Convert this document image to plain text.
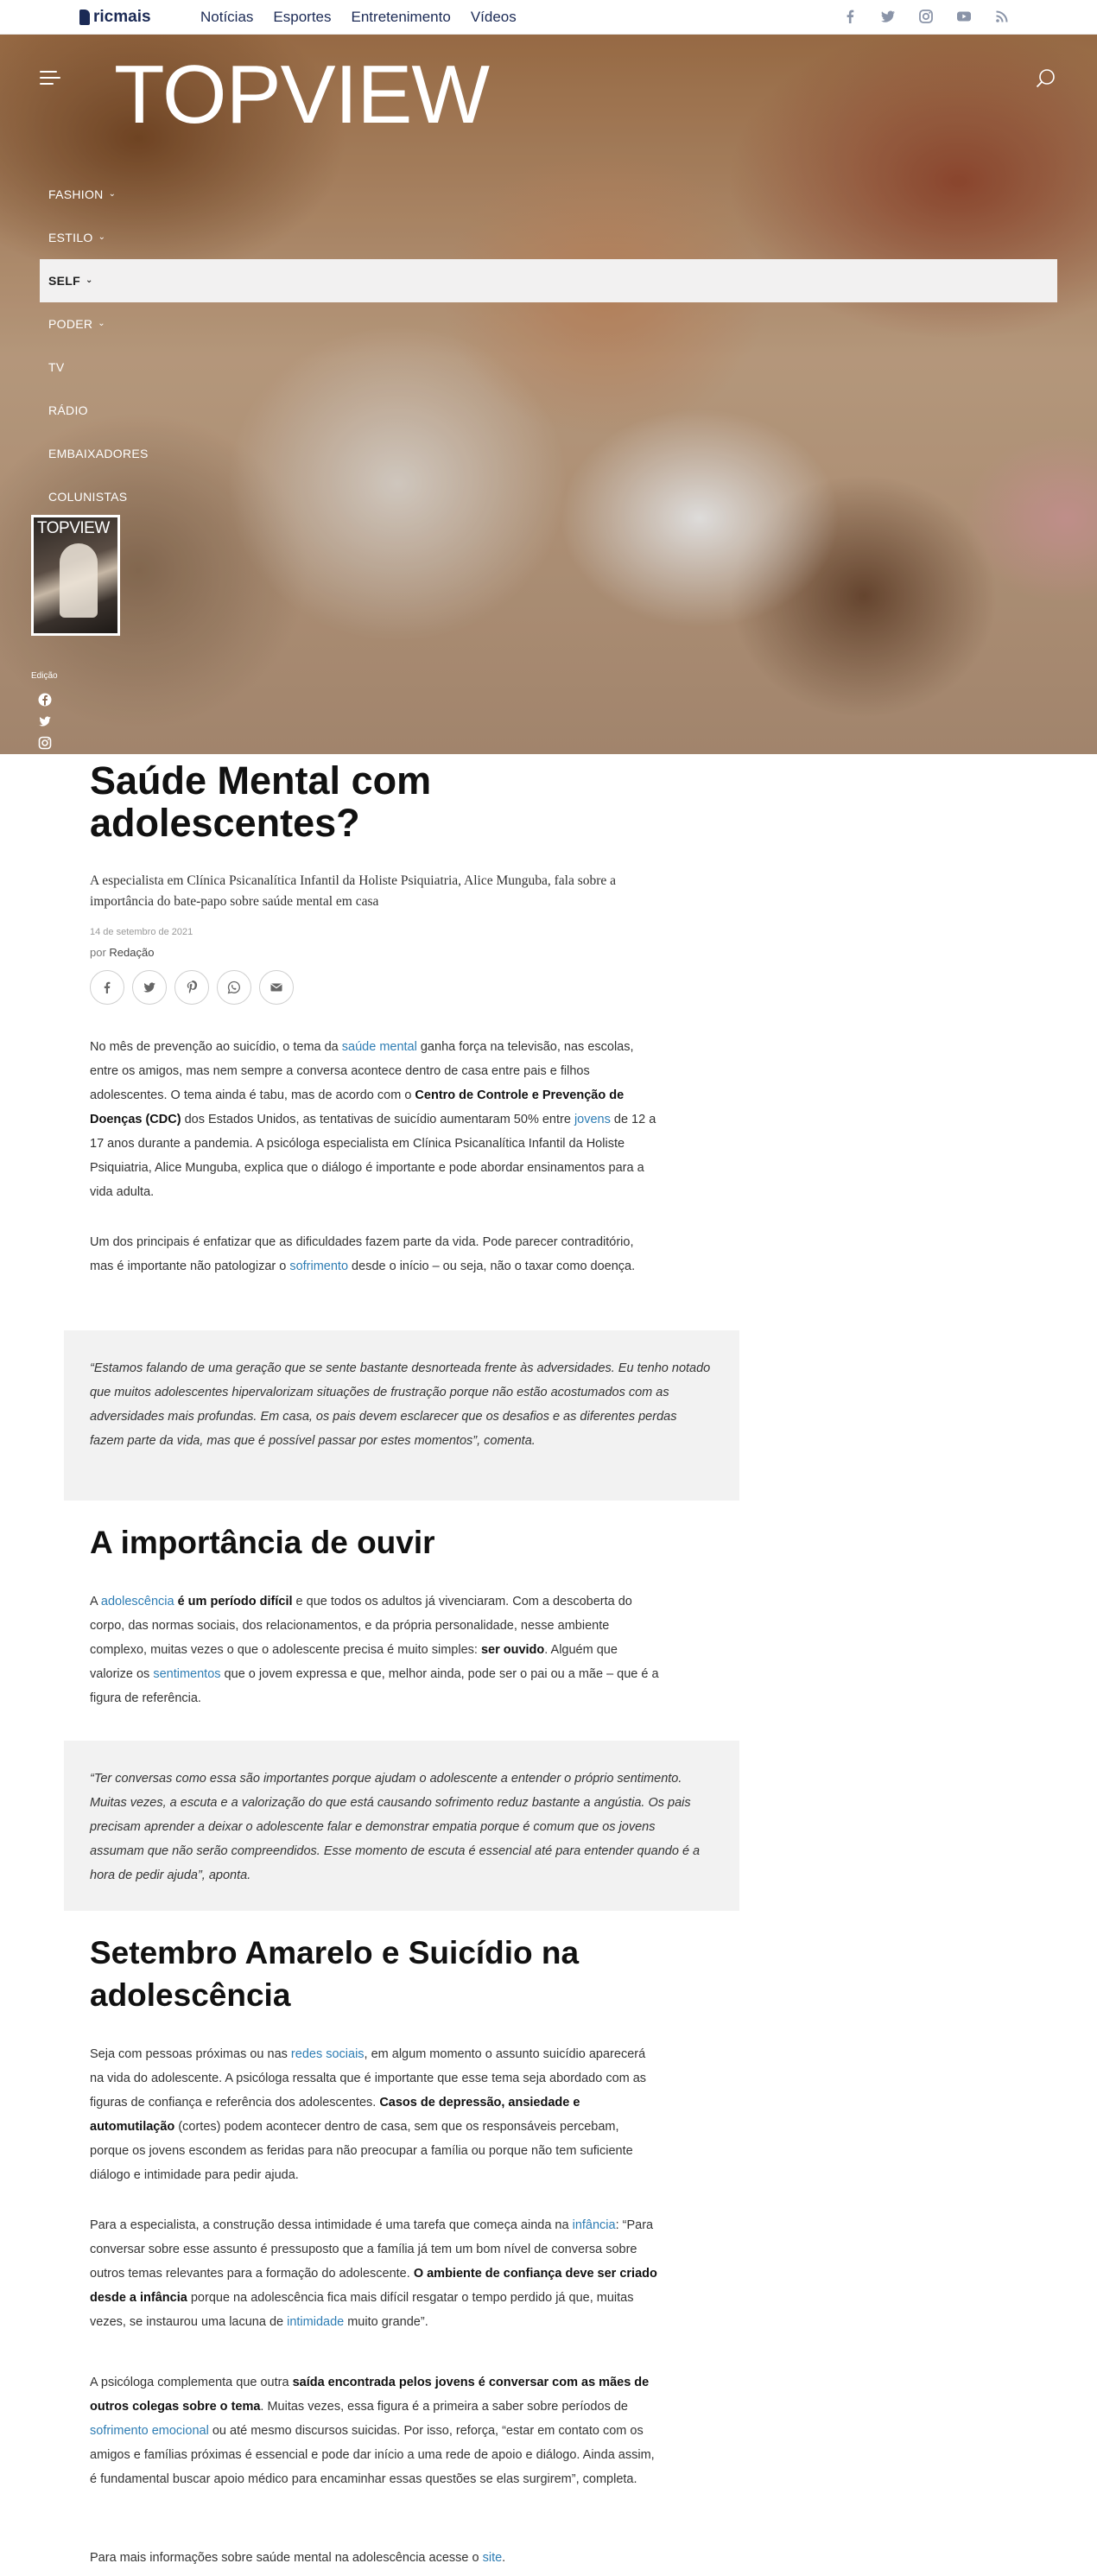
ricmais	Notícias Esportes Entretenimento Vídeos
TOPVIEW
FASHION ⌄
ESTILO ⌄
SELF ⌄
PODER ⌄
TV
RÁDIO
EMBAIXADORES
COLUNISTAS
TOPVIEW
Edição
Saúde Mental com adolescentes?

A especialista em Clínica Psicanalítica Infantil da Holiste Psiquiatria, Alice Munguba, fala sobre a importância do bate-papo sobre saúde mental em casa

14 de setembro de 2021
por Redação

No mês de prevenção ao suicídio, o tema da saúde mental ganha força na televisão, nas escolas, entre os amigos, mas nem sempre a conversa acontece dentro de casa entre pais e filhos adolescentes. O tema ainda é tabu, mas de acordo com o Centro de Controle e Prevenção de Doenças (CDC) dos Estados Unidos, as tentativas de suicídio aumentaram 50% entre jovens de 12 a 17 anos durante a pandemia. A psicóloga especialista em Clínica Psicanalítica Infantil da Holiste Psiquiatria, Alice Munguba, explica que o diálogo é importante e pode abordar ensinamentos para a vida adulta.

Um dos principais é enfatizar que as dificuldades fazem parte da vida. Pode parecer contraditório, mas é importante não patologizar o sofrimento desde o início – ou seja, não o taxar como doença.

“Estamos falando de uma geração que se sente bastante desnorteada frente às adversidades. Eu tenho notado que muitos adolescentes hipervalorizam situações de frustração porque não estão acostumados com as adversidades mais profundas. Em casa, os pais devem esclarecer que os desafios e as diferentes perdas fazem parte da vida, mas que é possível passar por estes momentos”, comenta.

A importância de ouvir

A adolescência é um período difícil e que todos os adultos já vivenciaram. Com a descoberta do corpo, das normas sociais, dos relacionamentos, e da própria personalidade, nesse ambiente complexo, muitas vezes o que o adolescente precisa é muito simples: ser ouvido. Alguém que valorize os sentimentos que o jovem expressa e que, melhor ainda, pode ser o pai ou a mãe – que é a figura de referência.

“Ter conversas como essa são importantes porque ajudam o adolescente a entender o próprio sentimento. Muitas vezes, a escuta e a valorização do que está causando sofrimento reduz bastante a angústia. Os pais precisam aprender a deixar o adolescente falar e demonstrar empatia porque é comum que os jovens assumam que não serão compreendidos. Esse momento de escuta é essencial até para entender quando é a hora de pedir ajuda”, aponta.

Setembro Amarelo e Suicídio na adolescência

Seja com pessoas próximas ou nas redes sociais, em algum momento o assunto suicídio aparecerá na vida do adolescente. A psicóloga ressalta que é importante que esse tema seja abordado com as figuras de confiança e referência dos adolescentes. Casos de depressão, ansiedade e automutilação (cortes) podem acontecer dentro de casa, sem que os responsáveis percebam, porque os jovens escondem as feridas para não preocupar a família ou porque não tem suficiente diálogo e intimidade para pedir ajuda.

Para a especialista, a construção dessa intimidade é uma tarefa que começa ainda na infância: “Para conversar sobre esse assunto é pressuposto que a família já tem um bom nível de conversa sobre outros temas relevantes para a formação do adolescente. O ambiente de confiança deve ser criado desde a infância porque na adolescência fica mais difícil resgatar o tempo perdido já que, muitas vezes, se instaurou uma lacuna de intimidade muito grande”.

A psicóloga complementa que outra saída encontrada pelos jovens é conversar com as mães de outros colegas sobre o tema. Muitas vezes, essa figura é a primeira a saber sobre períodos de sofrimento emocional ou até mesmo discursos suicidas. Por isso, reforça, “estar em contato com os amigos e famílias próximas é essencial e pode dar início a uma rede de apoio e diálogo. Ainda assim, é fundamental buscar apoio médico para encaminhar essas questões se elas surgirem”, completa.

Para mais informações sobre saúde mental na adolescência acesse o site.
